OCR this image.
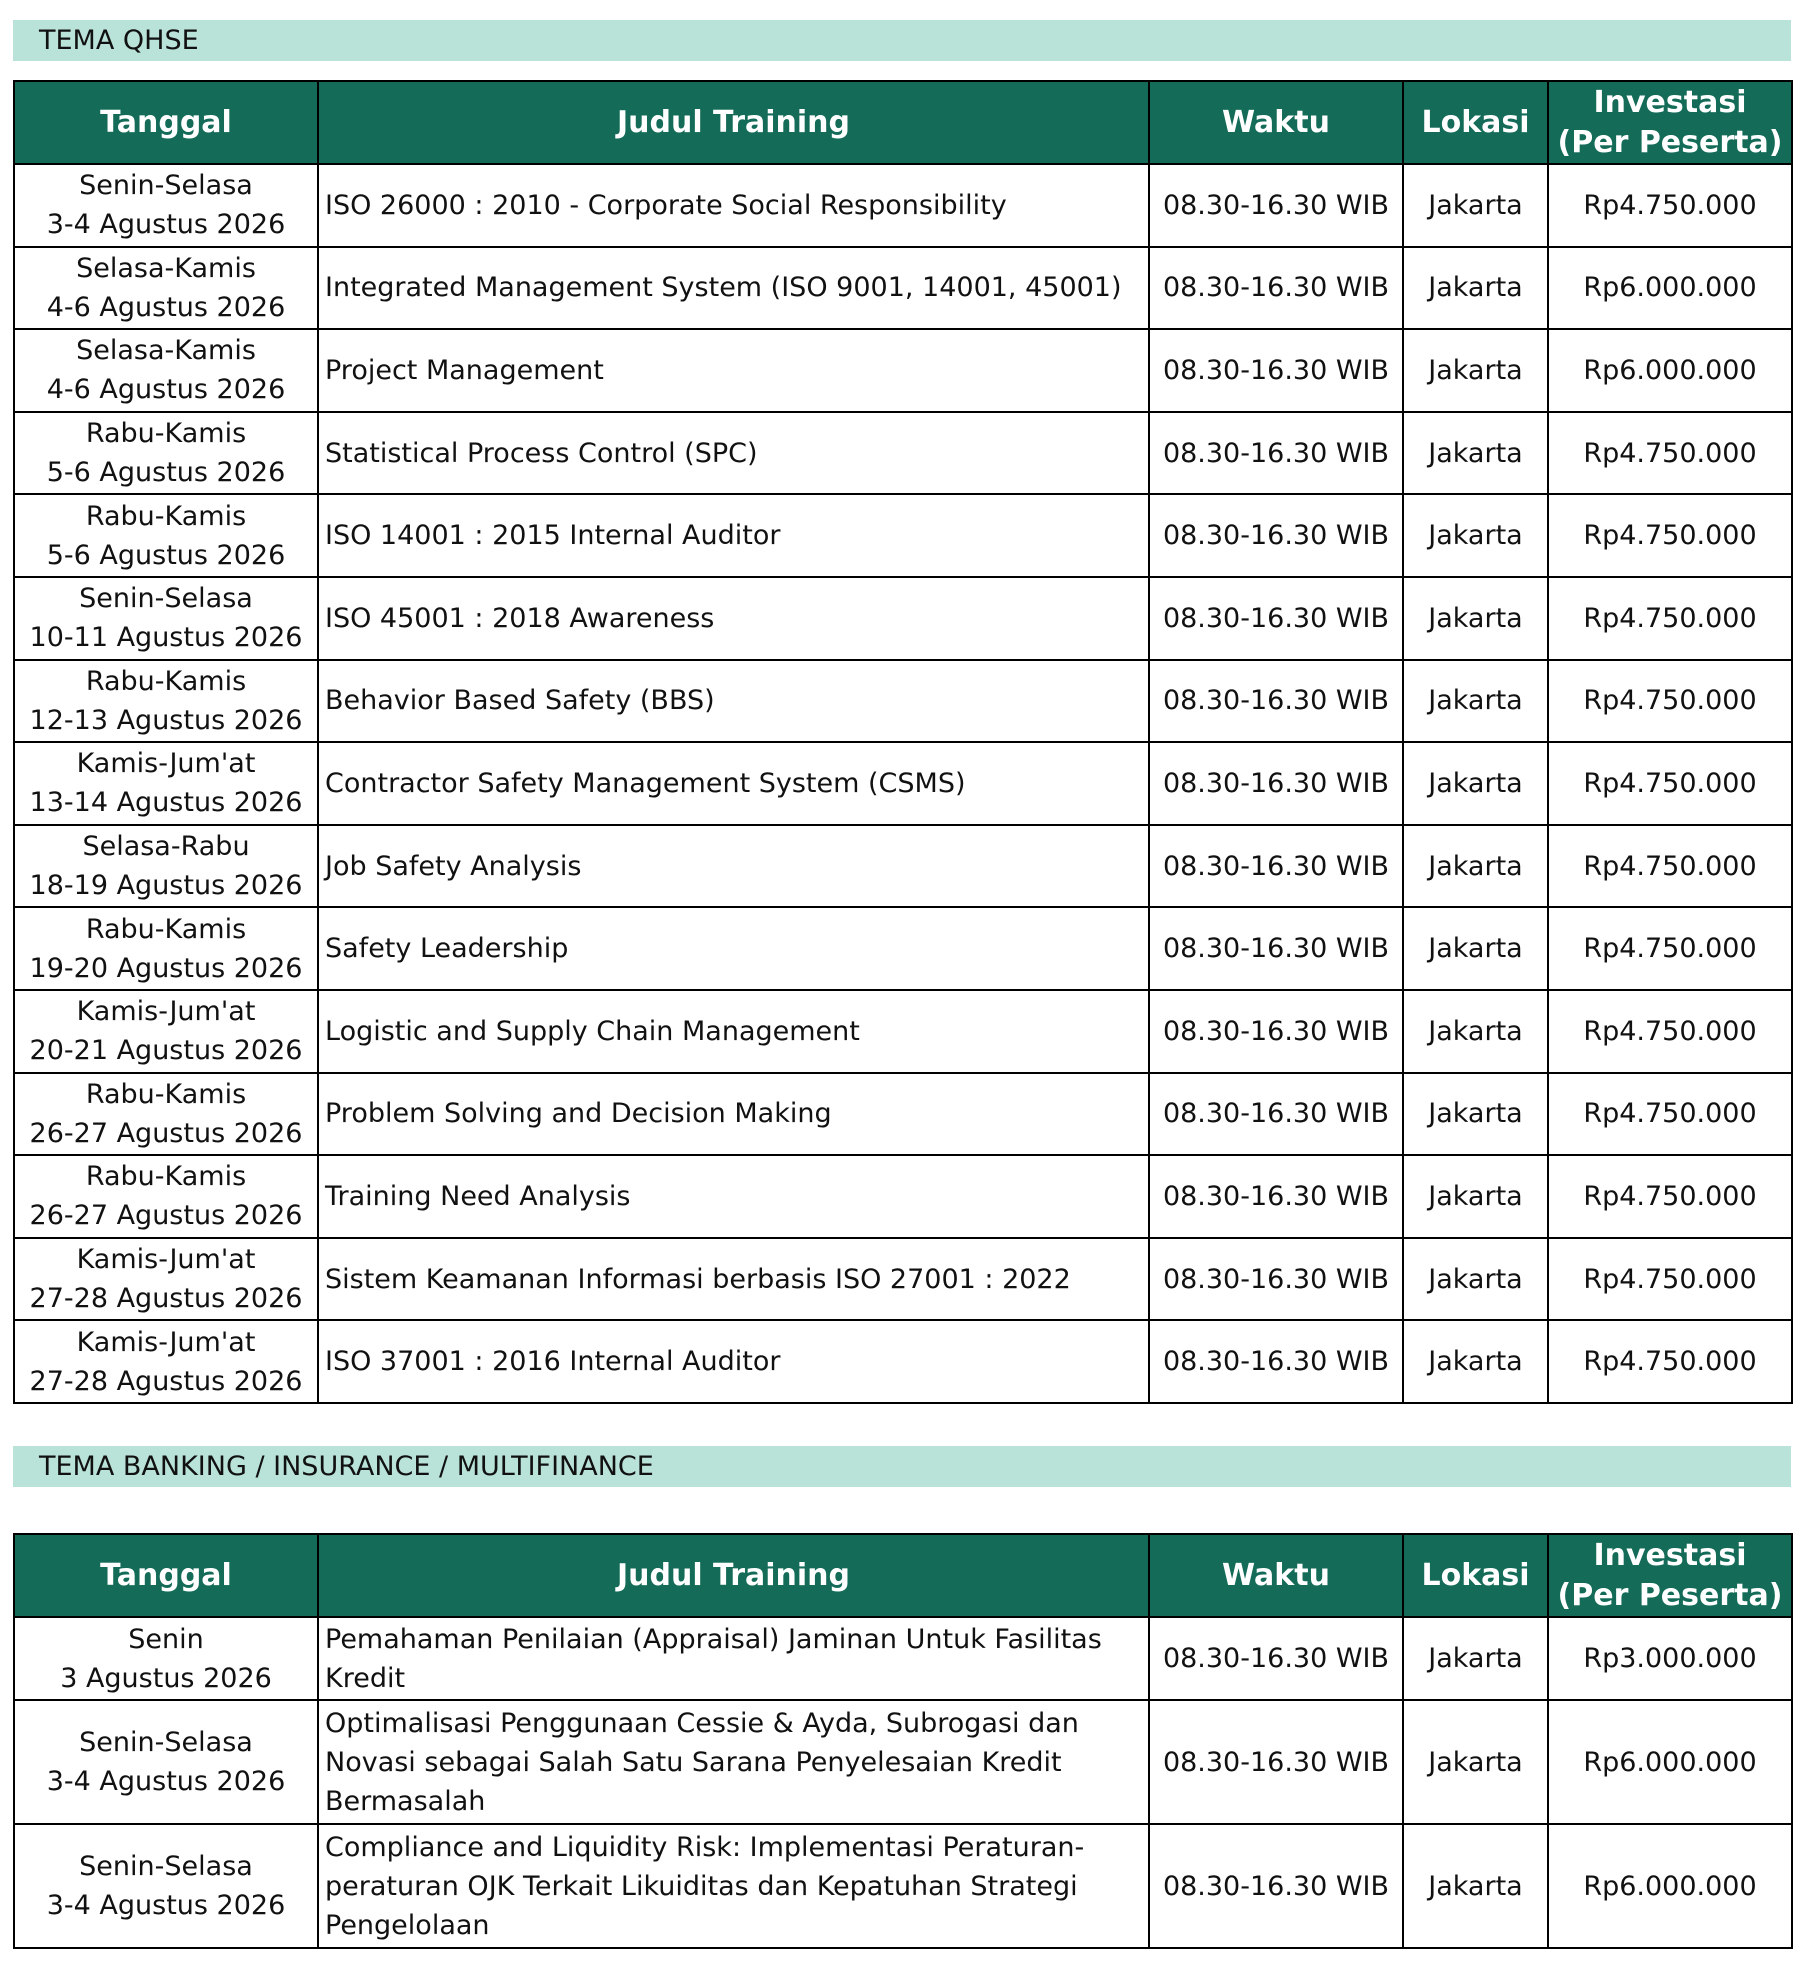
TEMA QHSE
Tanggal	Judul Training	Waktu	Lokasi	Investasi
(Per Peserta)

Senin-Selasa
3-4 Agustus 2026	ISO 26000 : 2010 - Corporate Social Responsibility	08.30-16.30 WIB	Jakarta	Rp4.750.000

Selasa-Kamis
4-6 Agustus 2026	Integrated Management System (ISO 9001, 14001, 45001)	08.30-16.30 WIB	Jakarta	Rp6.000.000

Selasa-Kamis
4-6 Agustus 2026	Project Management	08.30-16.30 WIB	Jakarta	Rp6.000.000

Rabu-Kamis
5-6 Agustus 2026	Statistical Process Control (SPC)	08.30-16.30 WIB	Jakarta	Rp4.750.000

Rabu-Kamis
5-6 Agustus 2026	ISO 14001 : 2015 Internal Auditor	08.30-16.30 WIB	Jakarta	Rp4.750.000

Senin-Selasa
10-11 Agustus 2026	ISO 45001 : 2018 Awareness	08.30-16.30 WIB	Jakarta	Rp4.750.000

Rabu-Kamis
12-13 Agustus 2026	Behavior Based Safety (BBS)	08.30-16.30 WIB	Jakarta	Rp4.750.000

Kamis-Jum'at
13-14 Agustus 2026	Contractor Safety Management System (CSMS)	08.30-16.30 WIB	Jakarta	Rp4.750.000

Selasa-Rabu
18-19 Agustus 2026	Job Safety Analysis	08.30-16.30 WIB	Jakarta	Rp4.750.000

Rabu-Kamis
19-20 Agustus 2026	Safety Leadership	08.30-16.30 WIB	Jakarta	Rp4.750.000

Kamis-Jum'at
20-21 Agustus 2026	Logistic and Supply Chain Management	08.30-16.30 WIB	Jakarta	Rp4.750.000

Rabu-Kamis
26-27 Agustus 2026	Problem Solving and Decision Making	08.30-16.30 WIB	Jakarta	Rp4.750.000

Rabu-Kamis
26-27 Agustus 2026	Training Need Analysis	08.30-16.30 WIB	Jakarta	Rp4.750.000

Kamis-Jum'at
27-28 Agustus 2026	Sistem Keamanan Informasi berbasis ISO 27001 : 2022	08.30-16.30 WIB	Jakarta	Rp4.750.000

Kamis-Jum'at
27-28 Agustus 2026	ISO 37001 : 2016 Internal Auditor	08.30-16.30 WIB	Jakarta	Rp4.750.000
TEMA BANKING / INSURANCE / MULTIFINANCE
Tanggal	Judul Training	Waktu	Lokasi	Investasi
(Per Peserta)

Senin
3 Agustus 2026	Pemahaman Penilaian (Appraisal) Jaminan Untuk Fasilitas Kredit	08.30-16.30 WIB	Jakarta	Rp3.000.000

Senin-Selasa
3-4 Agustus 2026	Optimalisasi Penggunaan Cessie & Ayda, Subrogasi dan Novasi sebagai Salah Satu Sarana Penyelesaian Kredit Bermasalah	08.30-16.30 WIB	Jakarta	Rp6.000.000

Senin-Selasa
3-4 Agustus 2026	Compliance and Liquidity Risk: Implementasi Peraturan-peraturan OJK Terkait Likuiditas dan Kepatuhan Strategi Pengelolaan	08.30-16.30 WIB	Jakarta	Rp6.000.000
